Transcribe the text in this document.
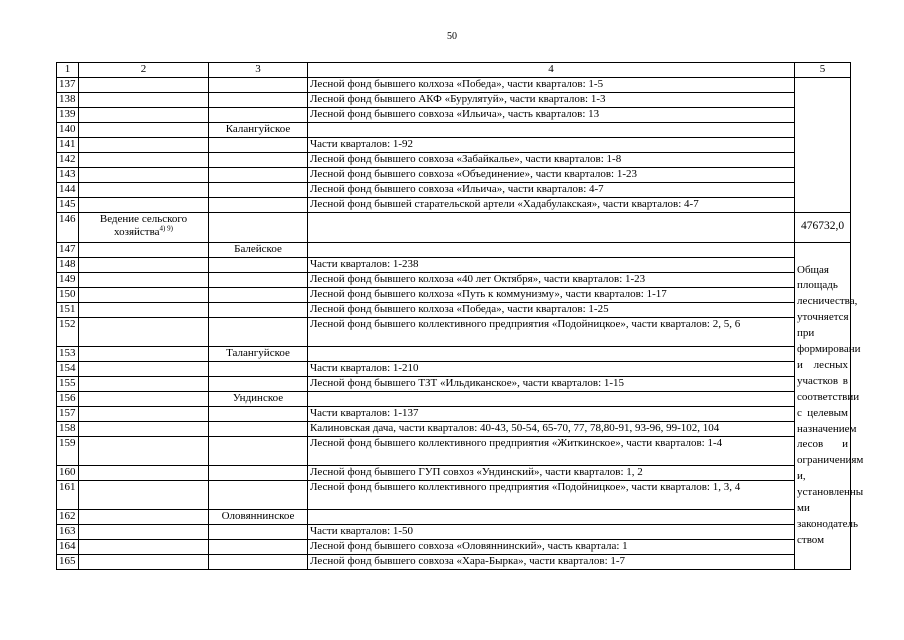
50
1	2	3	4	5
137			Лесной фонд бывшего колхоза «Победа», части кварталов: 1-5	
138			Лесной фонд бывшего АКФ «Бурулятуй», части кварталов: 1-3	
139			Лесной фонд бывшего совхоза «Ильича», часть кварталов: 13	
140		Калангуйское		
141			Части кварталов: 1-92	
142			Лесной фонд бывшего совхоза «Забайкалье», части кварталов: 1-8	
143			Лесной фонд бывшего совхоза «Объединение», части кварталов: 1-23	
144			Лесной фонд бывшего совхоза «Ильича», части кварталов: 4-7	
145			Лесной фонд бывшей старательской артели «Хадабулакская», части кварталов: 4-7	
146	Ведение сельского хозяйства$^{4) 9)}$			476732,0

147		Балейское		Общая площадь лесничества, уточняется при формировани и лесных участков в соответствии с целевым назначением лесов и ограничениям и, установленны ми законодатель ством

148			Части кварталов: 1-238	
149			Лесной фонд бывшего колхоза «40 лет Октября», части кварталов: 1-23	
150			Лесной фонд бывшего колхоза «Путь к коммунизму», части кварталов: 1-17	
151			Лесной фонд бывшего колхоза «Победа», части кварталов: 1-25	
152			Лесной фонд бывшего коллективного предприятия «Подойницкое», части кварталов: 2, 5, 6	
153		Талангуйское		
154			Части кварталов: 1-210	
155			Лесной фонд бывшего ТЗТ «Ильдиканское», части кварталов: 1-15	
156		Ундинское		
157			Части кварталов: 1-137	
158			Калиновская дача, части кварталов: 40-43, 50-54, 65-70, 77, 78,80-91, 93-96, 99-102, 104	
159			Лесной фонд бывшего коллективного предприятия «Житкинское», части кварталов: 1-4	
160			Лесной фонд бывшего ГУП совхоз «Ундинский», части кварталов: 1, 2	
161			Лесной фонд бывшего коллективного предприятия «Подойницкое», части кварталов: 1, 3, 4	
162		Оловяннинское		
163			Части кварталов: 1-50	
164			Лесной фонд бывшего совхоза «Оловяннинский», часть квартала: 1	
165			Лесной фонд бывшего совхоза «Хара-Бырка», части кварталов: 1-7	
